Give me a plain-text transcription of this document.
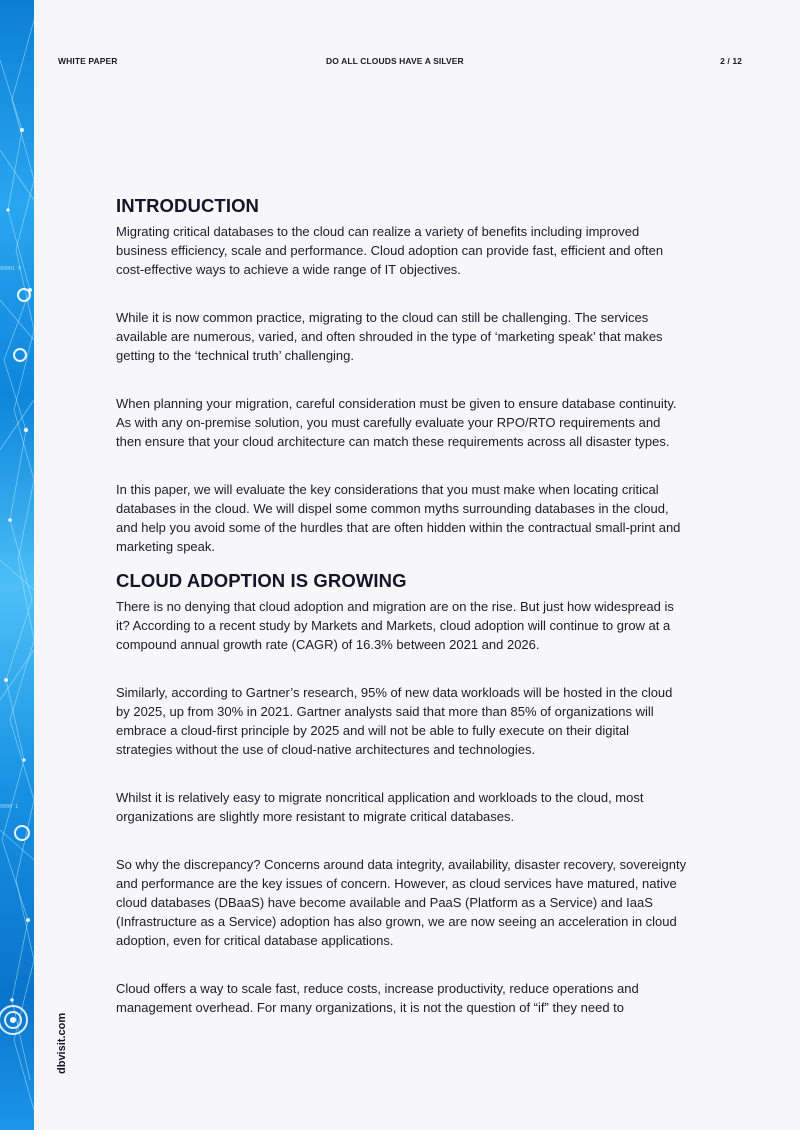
00001 9
0000 1
WHITE PAPER	DO ALL CLOUDS HAVE A SILVER	2 / 12
INTRODUCTION

Migrating critical databases to the cloud can realize a variety of benefits including improved business efficiency, scale and performance. Cloud adoption can provide fast, efficient and often cost-effective ways to achieve a wide range of IT objectives.

While it is now common practice, migrating to the cloud can still be challenging. The services available are numerous, varied, and often shrouded in the type of ‘marketing speak’ that makes getting to the ‘technical truth’ challenging.

When planning your migration, careful consideration must be given to ensure database continuity. As with any on-premise solution, you must carefully evaluate your RPO/RTO requirements and then ensure that your cloud architecture can match these requirements across all disaster types.

In this paper, we will evaluate the key considerations that you must make when locating critical databases in the cloud. We will dispel some common myths surrounding databases in the cloud, and help you avoid some of the hurdles that are often hidden within the contractual small-print and marketing speak.

CLOUD ADOPTION IS GROWING

There is no denying that cloud adoption and migration are on the rise. But just how widespread is it? According to a recent study by Markets and Markets, cloud adoption will continue to grow at a compound annual growth rate (CAGR) of 16.3% between 2021 and 2026.

Similarly, according to Gartner’s research, 95% of new data workloads will be hosted in the cloud by 2025, up from 30% in 2021. Gartner analysts said that more than 85% of organizations will embrace a cloud-first principle by 2025 and will not be able to fully execute on their digital strategies without the use of cloud-native architectures and technologies.

Whilst it is relatively easy to migrate noncritical application and workloads to the cloud, most organizations are slightly more resistant to migrate critical databases.

So why the discrepancy? Concerns around data integrity, availability, disaster recovery, sovereignty and performance are the key issues of concern. However, as cloud services have matured, native cloud databases (DBaaS) have become available and PaaS (Platform as a Service) and IaaS (Infrastructure as a Service) adoption has also grown, we are now seeing an acceleration in cloud adoption, even for critical database applications.

Cloud offers a way to scale fast, reduce costs, increase productivity, reduce operations and management overhead. For many organizations, it is not the question of “if” they need to

dbvisit.com
